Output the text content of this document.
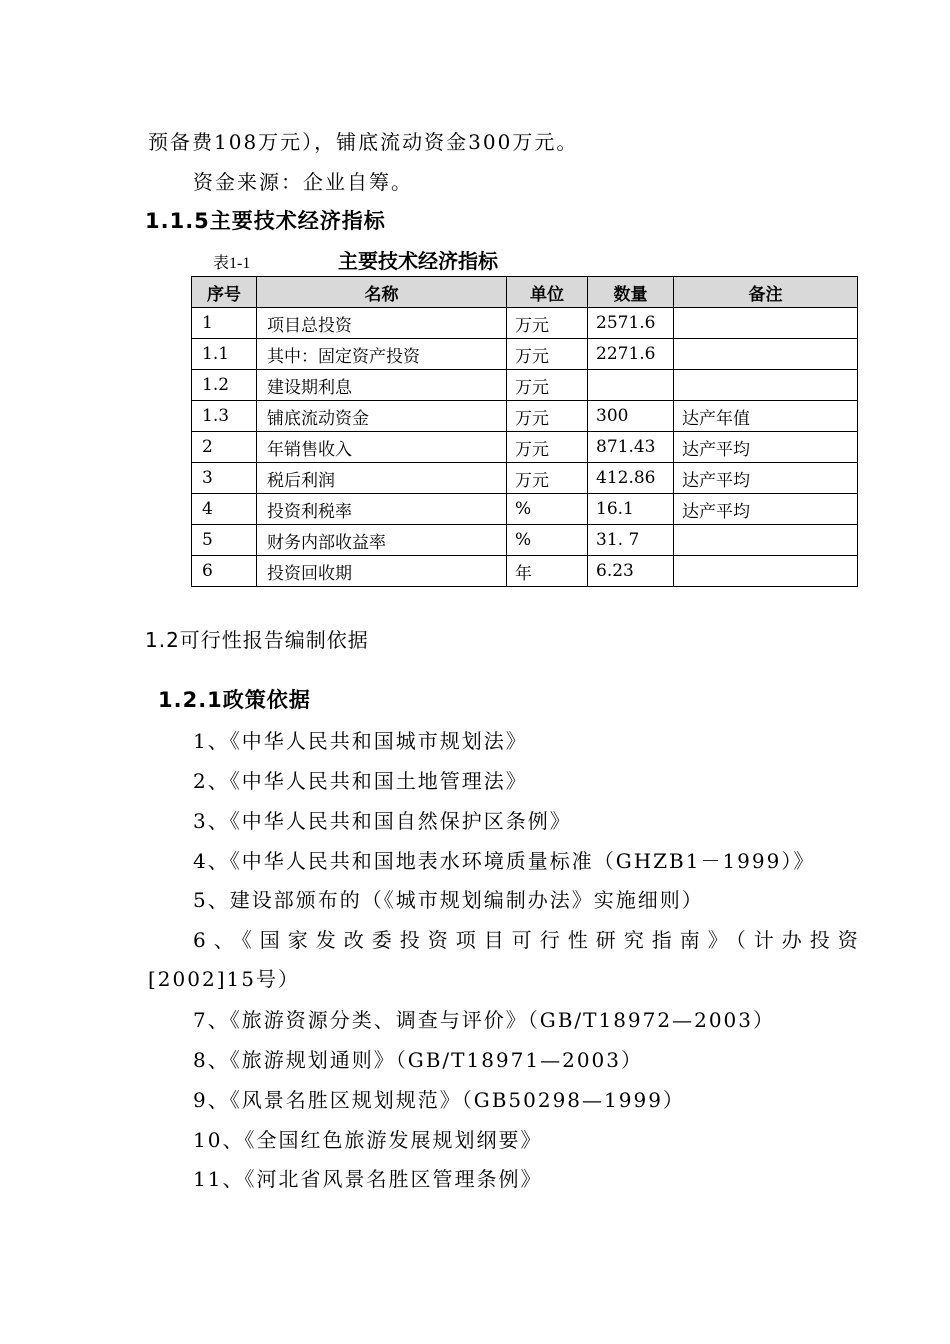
预备费108万元），铺底流动资金300万元。
资金来源：企业自筹。
1.1.5主要技术经济指标
表1-1	主要技术经济指标
序号	名称	单位	数量	备注
1	项目总投资	万元	2571.6	
1.1	其中：固定资产投资	万元	2271.6	
1.2	建设期利息	万元		
1.3	铺底流动资金	万元	300	达产年值
2	年销售收入	万元	871.43	达产平均
3	税后利润	万元	412.86	达产平均
4	投资利税率	%	16.1	达产平均
5	财务内部收益率	%	31. 7	
6	投资回收期	年	6.23	
1.2可行性报告编制依据
1.2.1政策依据
1、《中华人民共和国城市规划法》
2、《中华人民共和国土地管理法》
3、《中华人民共和国自然保护区条例》
4、《中华人民共和国地表水环境质量标准（GHZB1－1999）》
5、建设部颁布的（《城市规划编制办法》实施细则）
6、《国家发改委投资项目可行性研究指南》（计办投资
[2002]15号）
7、《旅游资源分类、调查与评价》（GB/T18972—2003）
8、《旅游规划通则》（GB/T18971—2003）
9、《风景名胜区规划规范》（GB50298—1999）
10、《全国红色旅游发展规划纲要》
11、《河北省风景名胜区管理条例》
